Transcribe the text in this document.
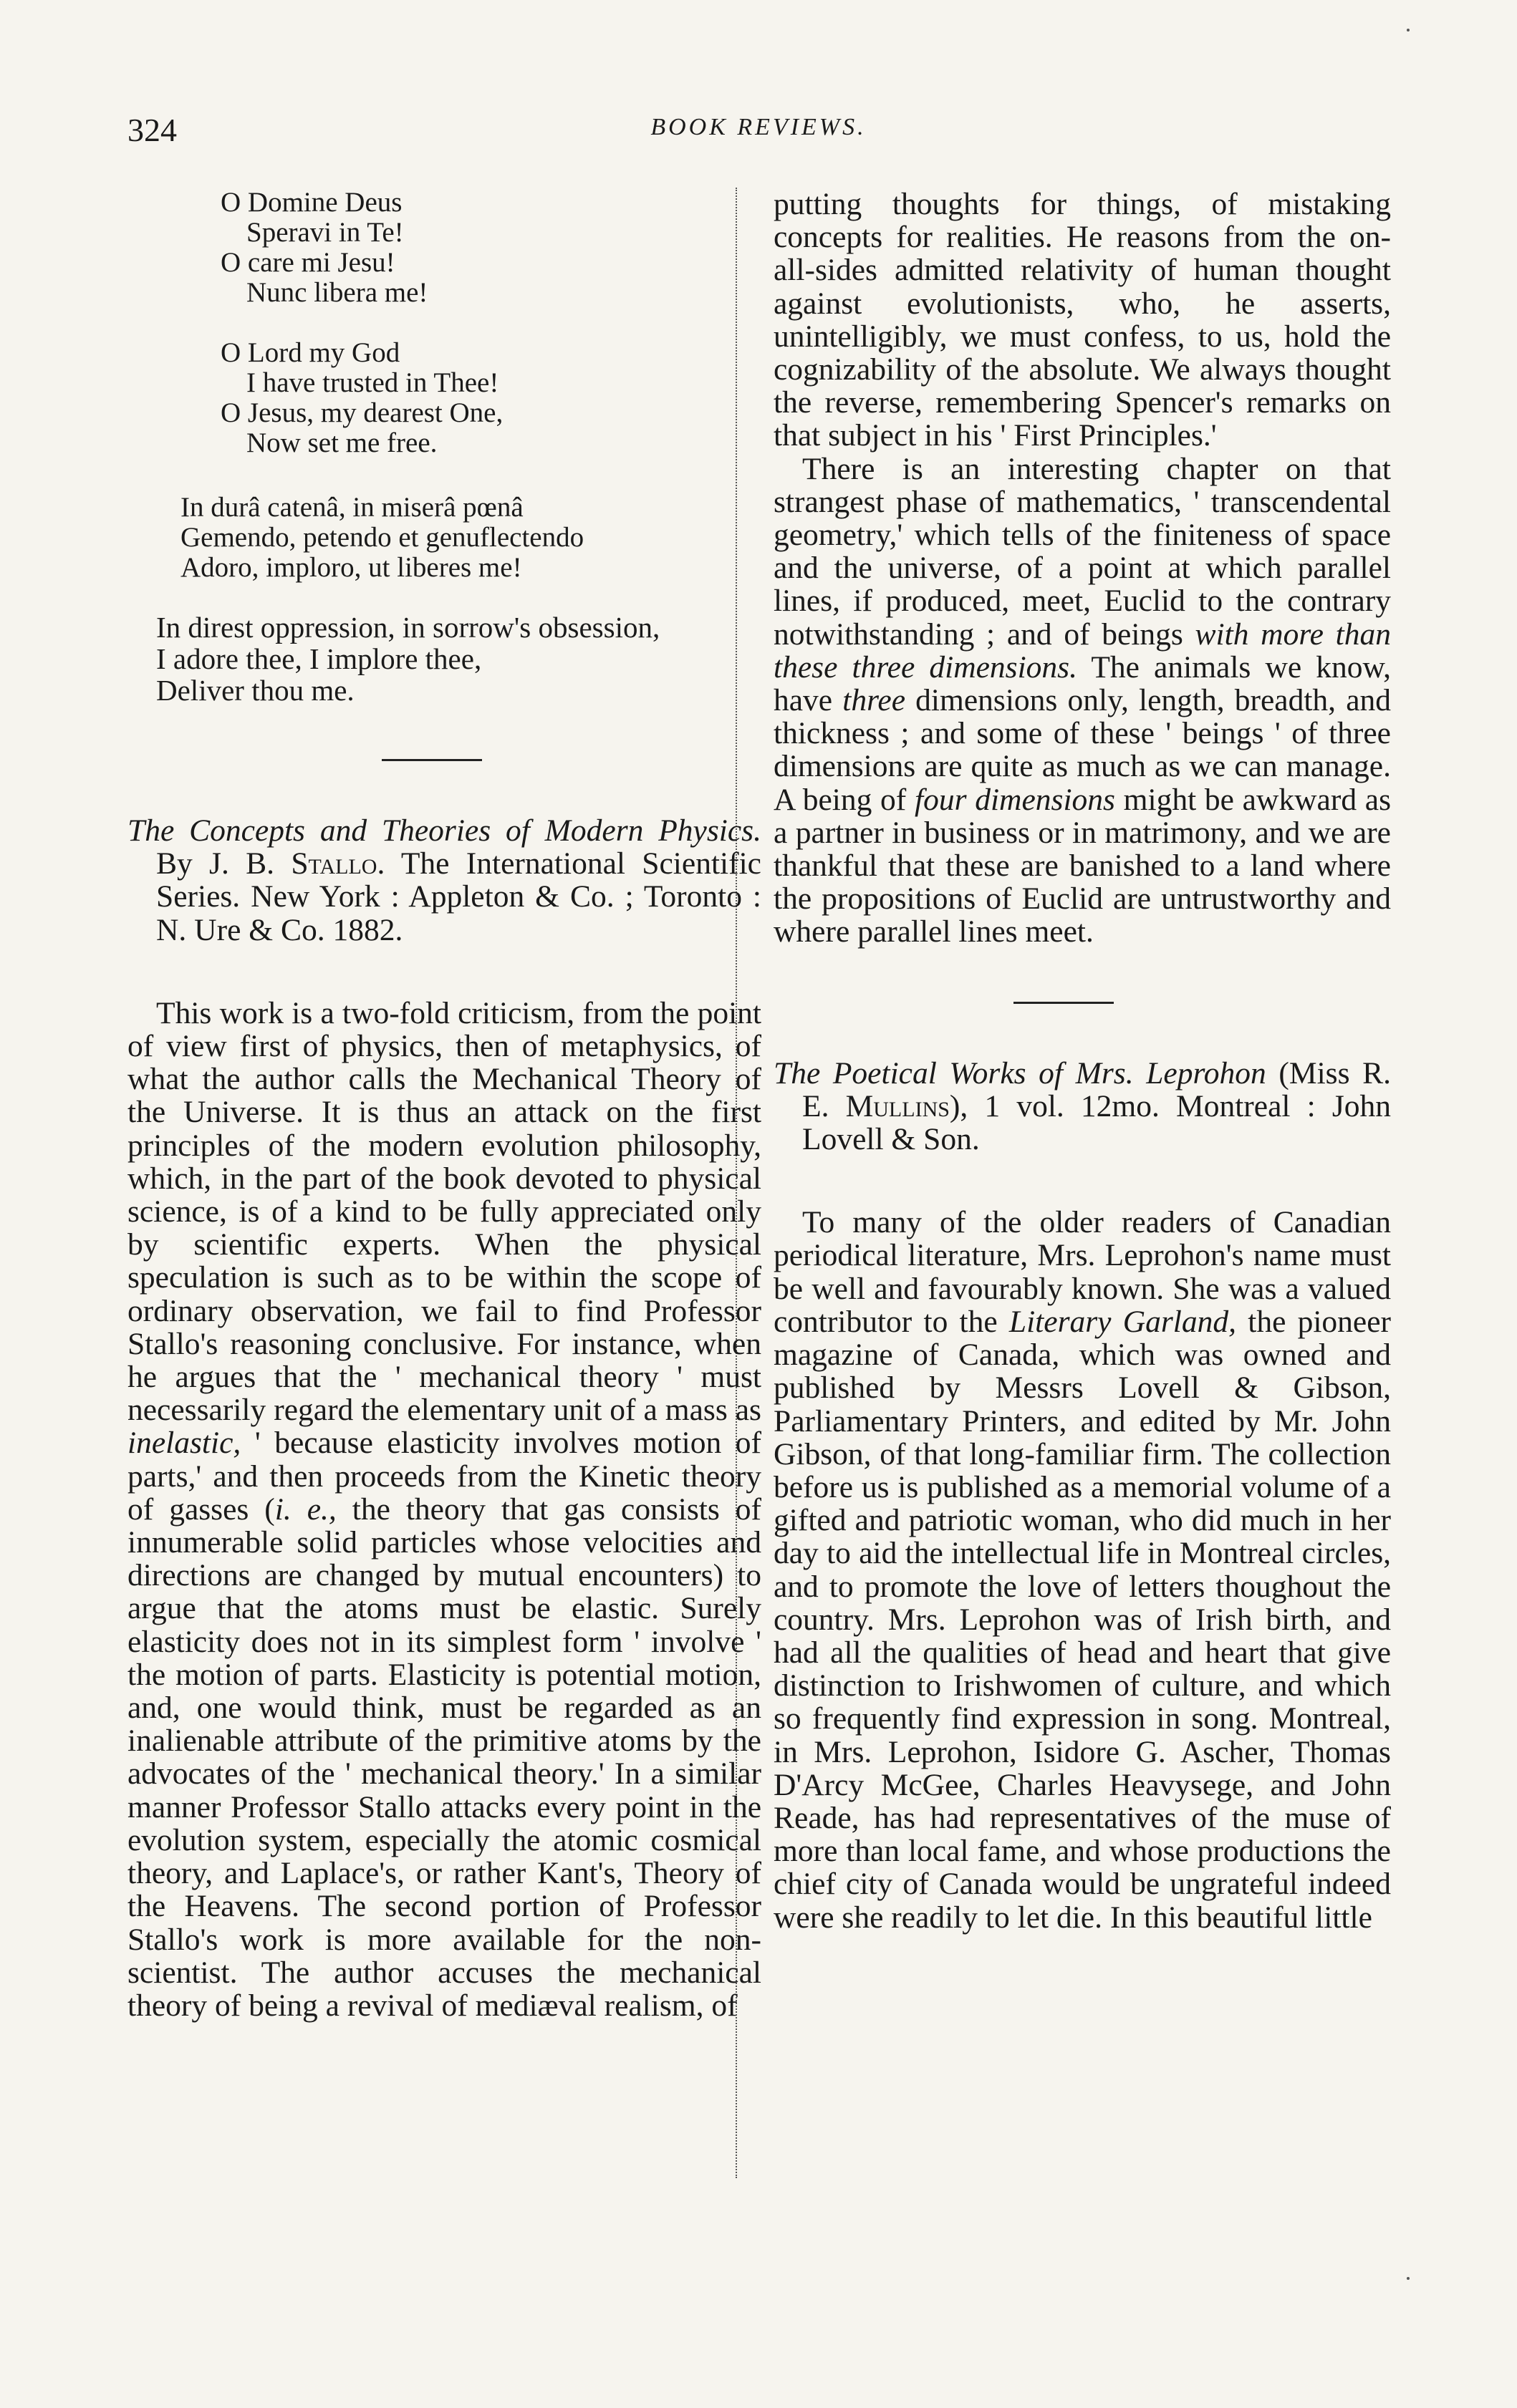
324	BOOK REVIEWS.
O Domine Deus
Speravi in Te!
O care mi Jesu!
Nunc libera me!
O Lord my God
I have trusted in Thee!
O Jesus, my dearest One,
Now set me free.
In durâ catenâ, in miserâ pœnâ
Gemendo, petendo et genuflectendo
Adoro, imploro, ut liberes me!
In direst oppression, in sorrow's obsession,
I adore thee, I implore thee,
Deliver thou me.

The Concepts and Theories of Modern Physics. By J. B. Stallo. The International Scientific Series. New York : Appleton & Co. ; Toronto : N. Ure & Co. 1882.

This work is a two-fold criticism, from the point of view first of physics, then of metaphysics, of what the author calls the Mechanical Theory of the Universe. It is thus an attack on the first principles of the modern evolution philosophy, which, in the part of the book devoted to physical science, is of a kind to be fully appreciated only by scientific experts. When the physical speculation is such as to be within the scope of ordinary observation, we fail to find Professor Stallo's reasoning conclusive. For instance, when he argues that the ' mechanical theory ' must necessarily regard the elementary unit of a mass as inelastic, ' because elasticity involves motion of parts,' and then proceeds from the Kinetic theory of gasses (i. e., the theory that gas consists of innumerable solid particles whose velocities and directions are changed by mutual encounters) to argue that the atoms must be elastic. Surely elasticity does not in its simplest form ' involve ' the motion of parts. Elasticity is potential motion, and, one would think, must be regarded as an inalienable attribute of the primitive atoms by the advocates of the ' mechanical theory.' In a similar manner Professor Stallo attacks every point in the evolution system, especially the atomic cosmical theory, and Laplace's, or rather Kant's, Theory of the Heavens. The second portion of Professor Stallo's work is more available for the non-scientist. The author accuses the mechanical theory of being a revival of mediæval realism, of

putting thoughts for things, of mistaking concepts for realities. He reasons from the on-all-sides admitted relativity of human thought against evolutionists, who, he asserts, unintelligibly, we must confess, to us, hold the cognizability of the absolute. We always thought the reverse, remembering Spencer's remarks on that subject in his ' First Principles.'

There is an interesting chapter on that strangest phase of mathematics, ' transcendental geometry,' which tells of the finiteness of space and the universe, of a point at which parallel lines, if produced, meet, Euclid to the contrary notwithstanding ; and of beings with more than these three dimensions. The animals we know, have three dimensions only, length, breadth, and thickness ; and some of these ' beings ' of three dimensions are quite as much as we can manage. A being of four dimensions might be awkward as a partner in business or in matrimony, and we are thankful that these are banished to a land where the propositions of Euclid are untrustworthy and where parallel lines meet.

The Poetical Works of Mrs. Leprohon (Miss R. E. Mullins), 1 vol. 12mo. Montreal : John Lovell & Son.

To many of the older readers of Canadian periodical literature, Mrs. Leprohon's name must be well and favourably known. She was a valued contributor to the Literary Garland, the pioneer magazine of Canada, which was owned and published by Messrs Lovell & Gibson, Parliamentary Printers, and edited by Mr. John Gibson, of that long-familiar firm. The collection before us is published as a memorial volume of a gifted and patriotic woman, who did much in her day to aid the intellectual life in Montreal circles, and to promote the love of letters thoughout the country. Mrs. Leprohon was of Irish birth, and had all the qualities of head and heart that give distinction to Irishwomen of culture, and which so frequently find expression in song. Montreal, in Mrs. Leprohon, Isidore G. Ascher, Thomas D'Arcy McGee, Charles Heavysege, and John Reade, has had representatives of the muse of more than local fame, and whose productions the chief city of Canada would be ungrateful indeed were she readily to let die. In this beautiful little
